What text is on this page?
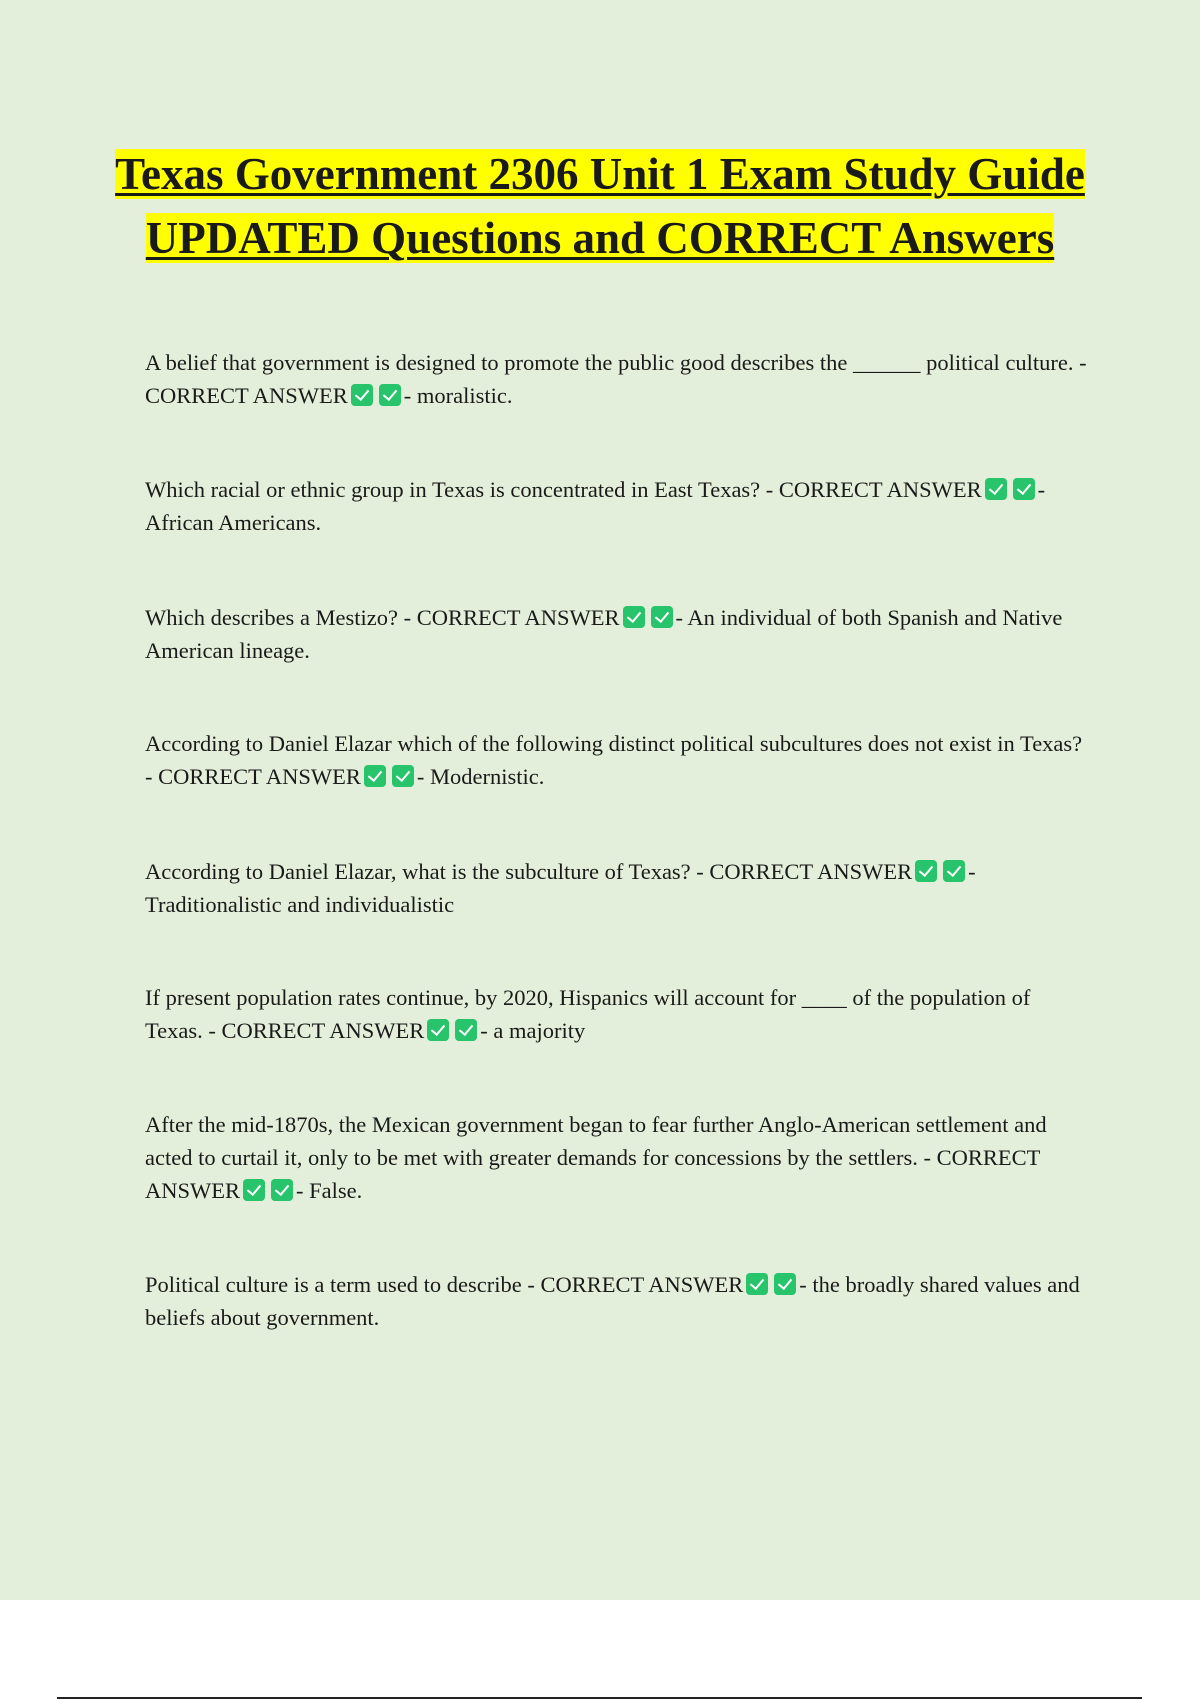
Texas Government 2306 Unit 1 Exam Study Guide UPDATED Questions and CORRECT Answers

A belief that government is designed to promote the public good describes the ______ political culture. - CORRECT ANSWER - moralistic.

Which racial or ethnic group in Texas is concentrated in East Texas? - CORRECT ANSWER - African Americans.

Which describes a Mestizo? - CORRECT ANSWER - An individual of both Spanish and Native American lineage.

According to Daniel Elazar which of the following distinct political subcultures does not exist in Texas? - CORRECT ANSWER - Modernistic.

According to Daniel Elazar, what is the subculture of Texas? - CORRECT ANSWER - Traditionalistic and individualistic

If present population rates continue, by 2020, Hispanics will account for ____ of the population of Texas. - CORRECT ANSWER - a majority

After the mid-1870s, the Mexican government began to fear further Anglo-American settlement and acted to curtail it, only to be met with greater demands for concessions by the settlers. - CORRECT ANSWER - False.

Political culture is a term used to describe - CORRECT ANSWER - the broadly shared values and beliefs about government.
